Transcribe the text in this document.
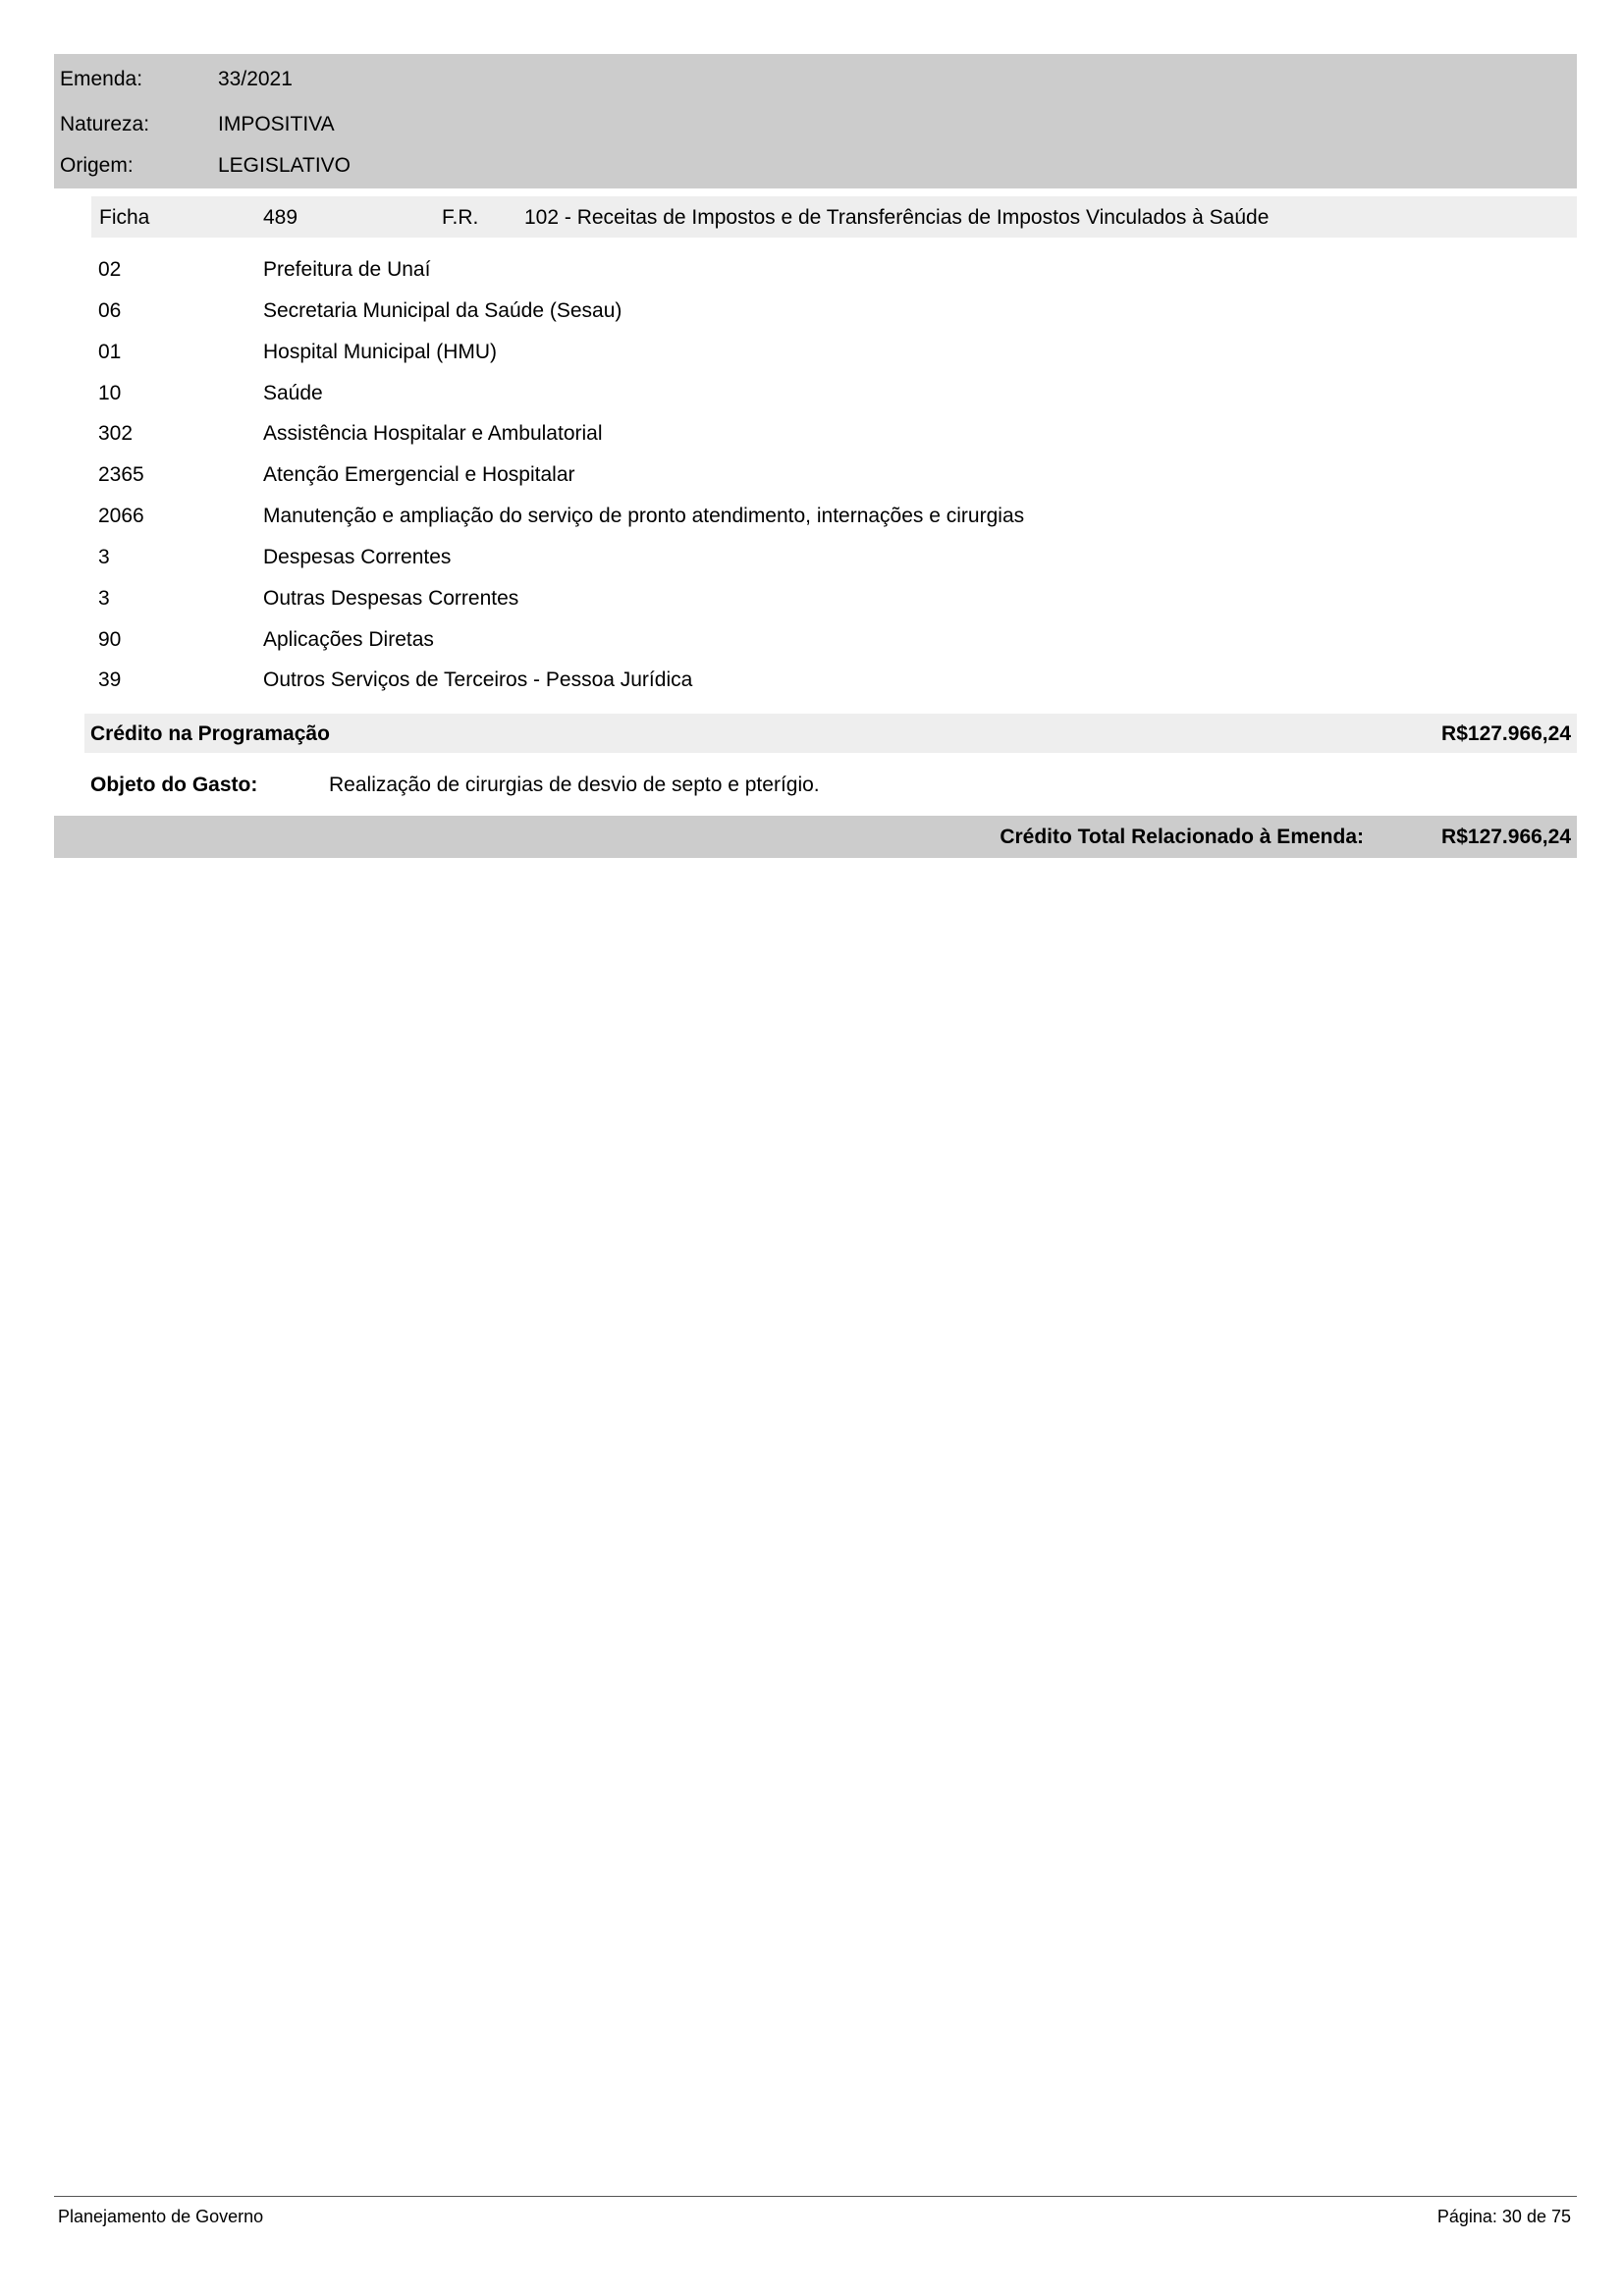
Emenda:	33/2021
Natureza:	IMPOSITIVA
Origem:	LEGISLATIVO
Ficha	489	F.R. 102 - Receitas de Impostos e de Transferências de Impostos Vinculados à Saúde
02	Prefeitura de Unaí
06	Secretaria Municipal da Saúde (Sesau)
01	Hospital Municipal (HMU)
10	Saúde
302	Assistência Hospitalar e Ambulatorial
2365	Atenção Emergencial e Hospitalar
2066	Manutenção e ampliação do serviço de pronto atendimento, internações e cirurgias
3	Despesas Correntes
3	Outras Despesas Correntes
90	Aplicações Diretas
39	Outros Serviços de Terceiros - Pessoa Jurídica
Crédito na Programação	R$127.966,24
Objeto do Gasto:	Realização de cirurgias de desvio de septo e pterígio.
Crédito Total Relacionado à Emenda:	R$127.966,24
Planejamento de Governo	Página: 30 de 75
